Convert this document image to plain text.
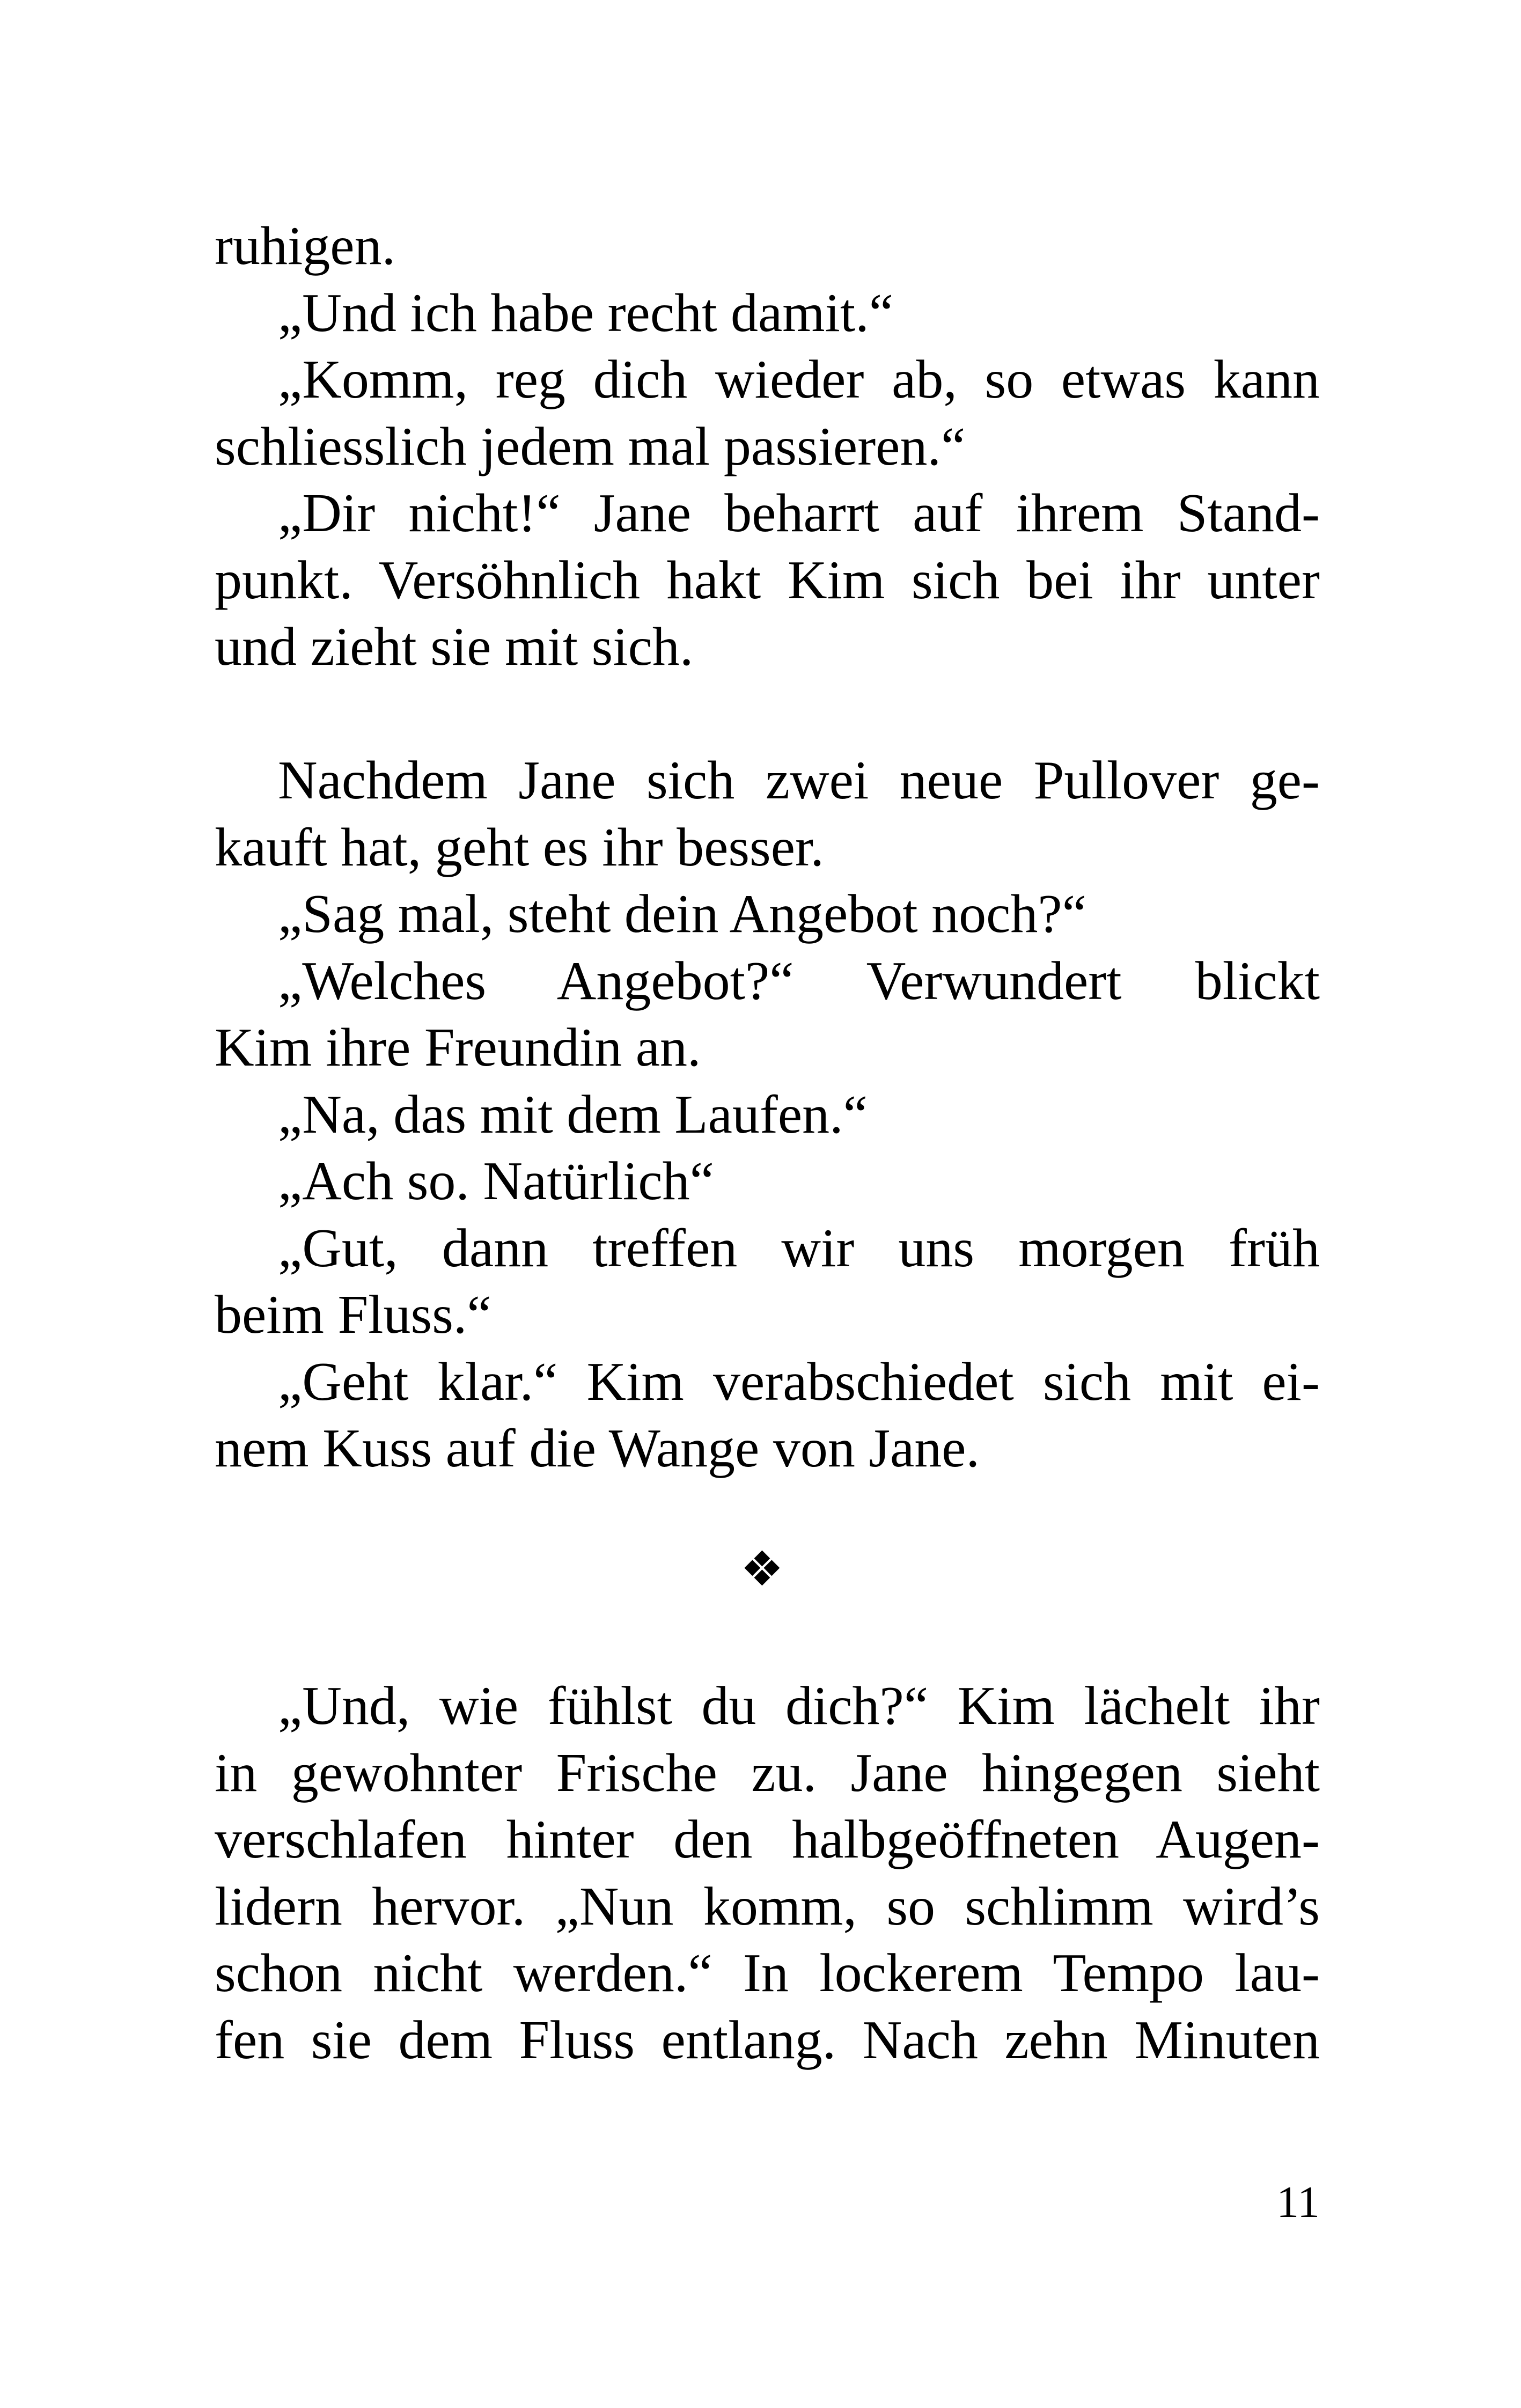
ruhigen.
„Und ich habe recht damit.“
„Komm, reg dich wieder ab, so etwas kann
schliesslich jedem mal passieren.“
„Dir nicht!“ Jane beharrt auf ihrem Stand-
punkt. Versöhnlich hakt Kim sich bei ihr unter
und zieht sie mit sich.
Nachdem Jane sich zwei neue Pullover ge-
kauft hat, geht es ihr besser.
„Sag mal, steht dein Angebot noch?“
„Welches Angebot?“ Verwundert blickt
Kim ihre Freundin an.
„Na, das mit dem Laufen.“
„Ach so. Natürlich“
„Gut, dann treffen wir uns morgen früh
beim Fluss.“
„Geht klar.“ Kim verabschiedet sich mit ei-
nem Kuss auf die Wange von Jane.
❖
„Und, wie fühlst du dich?“ Kim lächelt ihr
in gewohnter Frische zu. Jane hingegen sieht
verschlafen hinter den halbgeöffneten Augen-
lidern hervor. „Nun komm, so schlimm wird’s
schon nicht werden.“ In lockerem Tempo lau-
fen sie dem Fluss entlang. Nach zehn Minuten
11
